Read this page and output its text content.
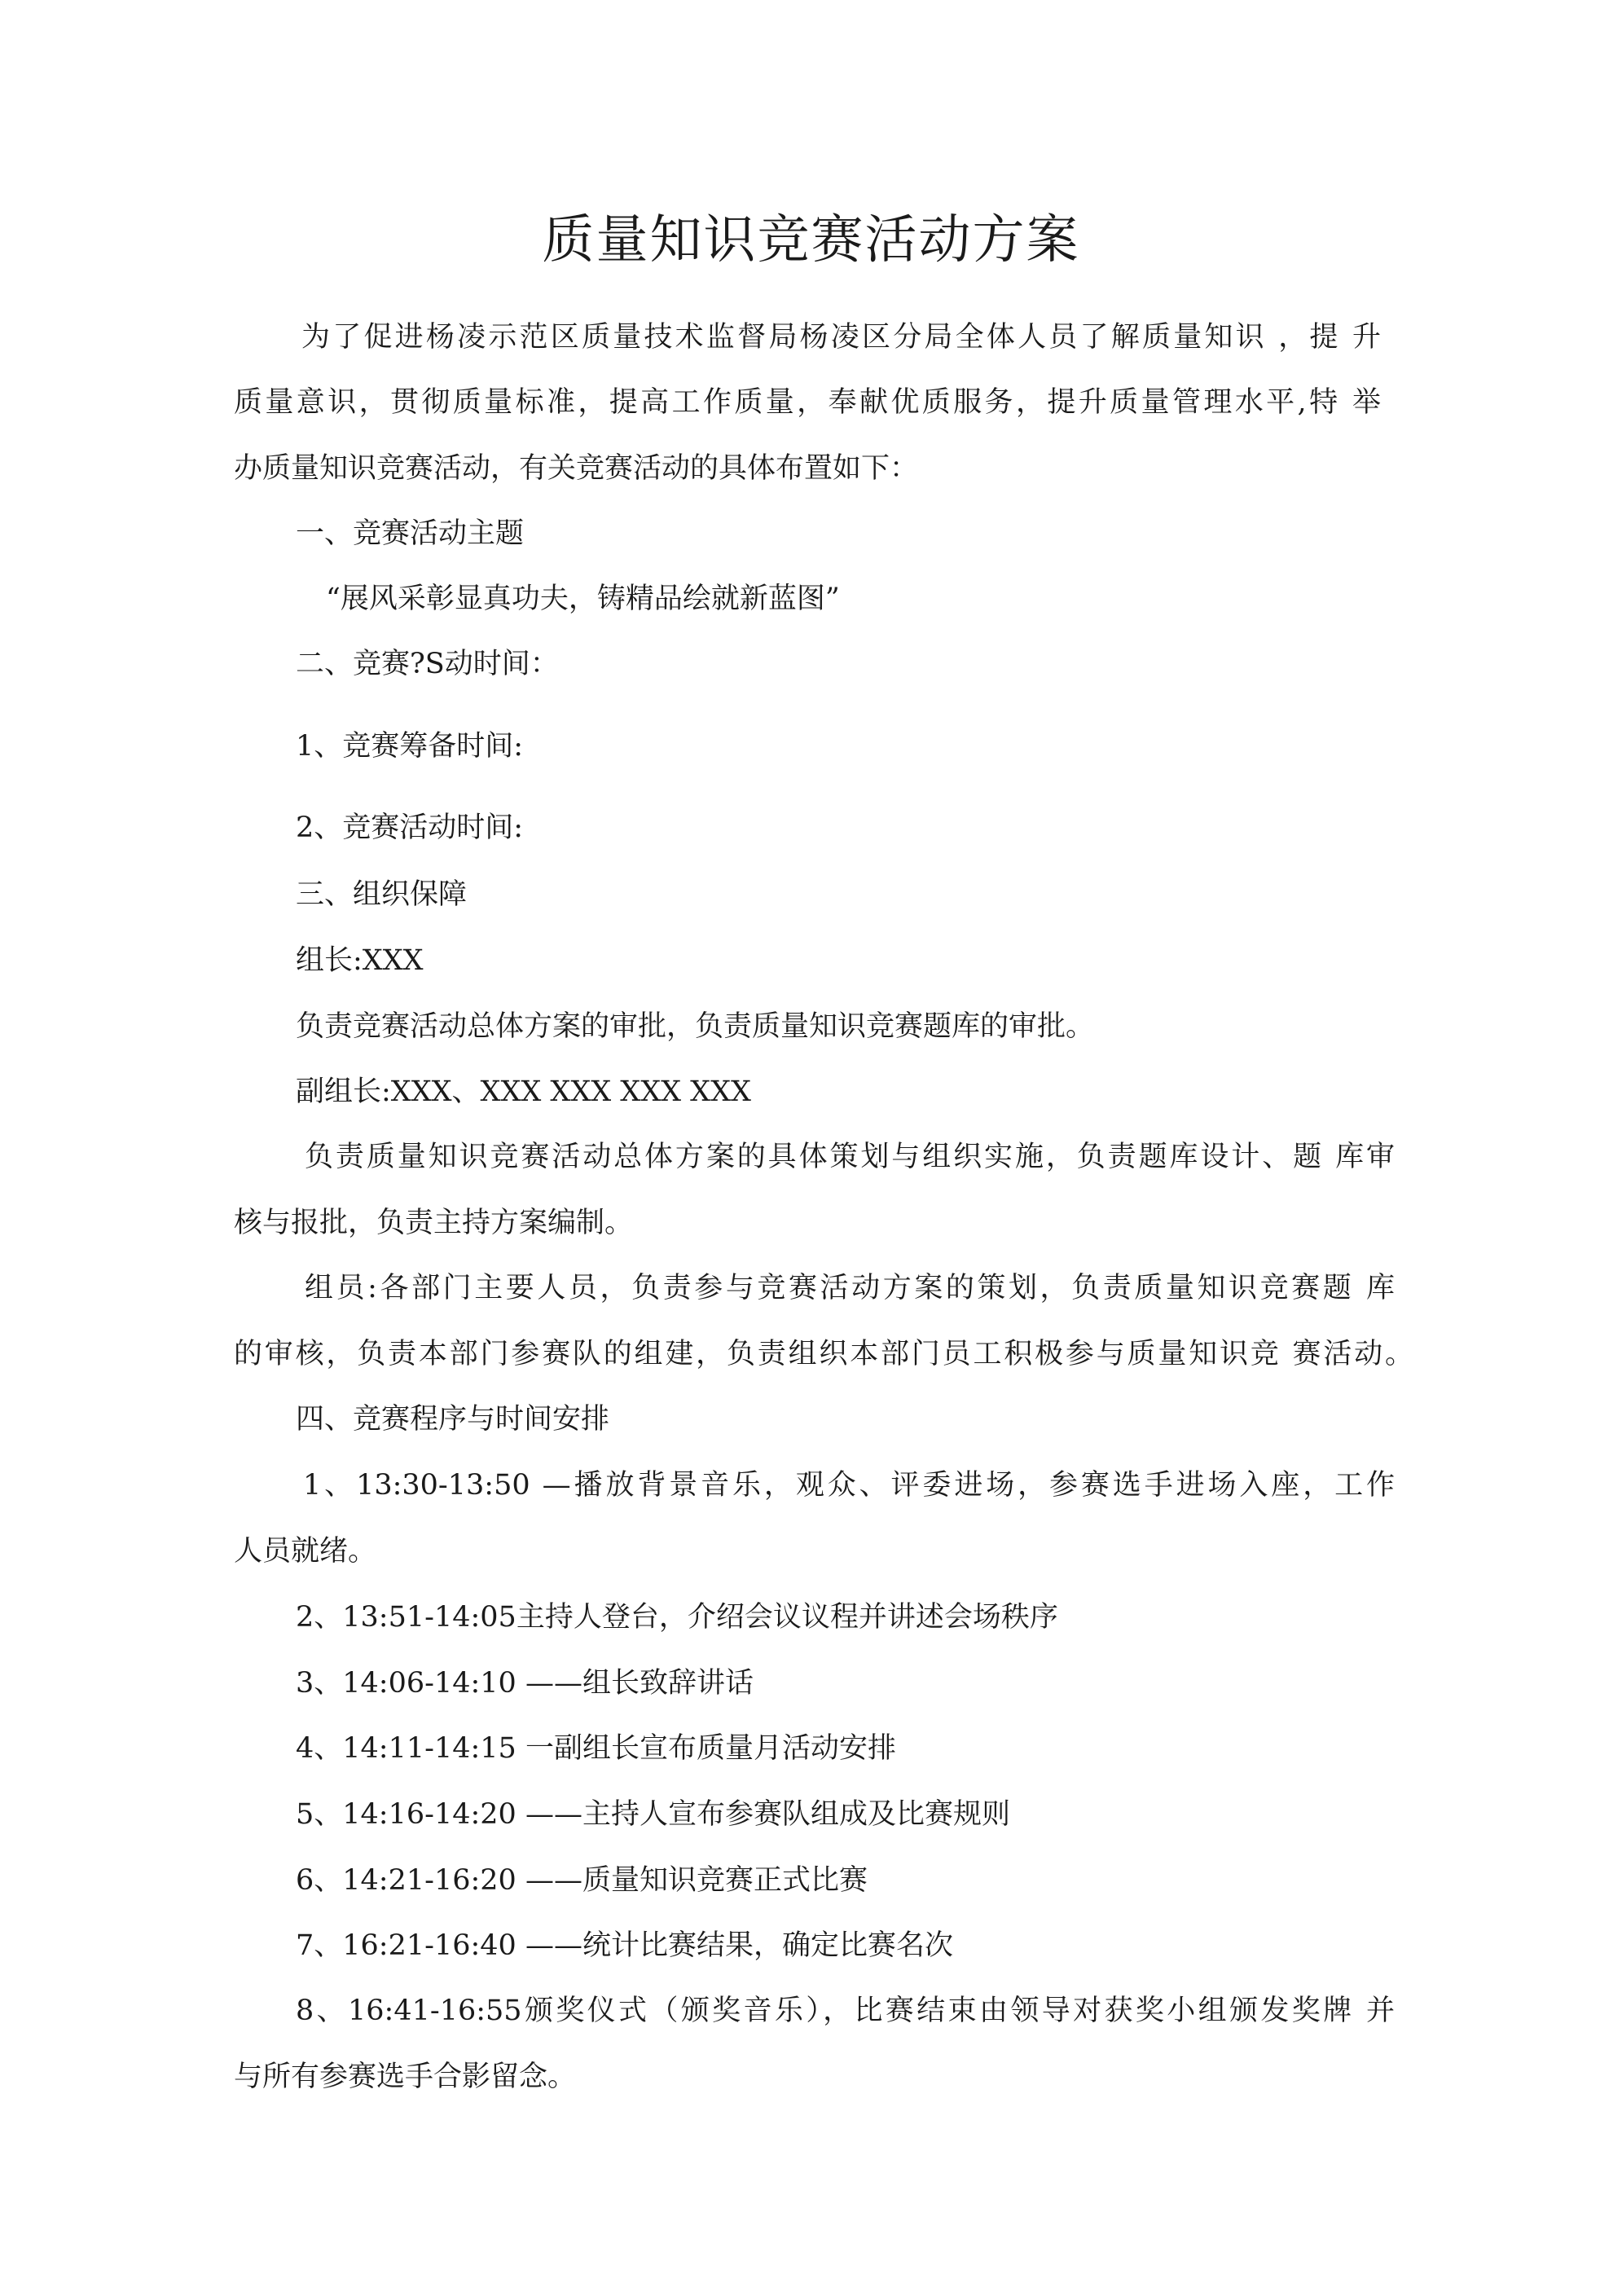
质量知识竞赛活动方案

为了促进杨凌示范区质量技术监督局杨凌区分局全体人员了解质量知识 ，提 升

质量意识，贯彻质量标准，提高工作质量，奉献优质服务，提升质量管理水平,特 举

办质量知识竞赛活动，有关竞赛活动的具体布置如下：

一、竞赛活动主题

“展风采彰显真功夫，铸精品绘就新蓝图”

二、竞赛?S动时间：

1、竞赛筹备时间:

2、竞赛活动时间:

三、组织保障

组长:XXX

负责竞赛活动总体方案的审批，负责质量知识竞赛题库的审批。

副组长:XXX、XXX XXX XXX XXX

负责质量知识竞赛活动总体方案的具体策划与组织实施，负责题库设计、题 库审

核与报批，负责主持方案编制。

组员:各部门主要人员，负责参与竞赛活动方案的策划，负责质量知识竞赛题 库

的审核，负责本部门参赛队的组建，负责组织本部门员工积极参与质量知识竞 赛活动。

四、竞赛程序与时间安排

1、13:30-13:50 —播放背景音乐，观众、评委进场，参赛选手进场入座，工作

人员就绪。

2、13:51-14:05主持人登台，介绍会议议程并讲述会场秩序

3、14:06-14:10 ——组长致辞讲话

4、14:11-14:15 一副组长宣布质量月活动安排

5、14:16-14:20 ——主持人宣布参赛队组成及比赛规则

6、14:21-16:20 ——质量知识竞赛正式比赛

7、16:21-16:40 ——统计比赛结果，确定比赛名次

8、16:41-16:55颁奖仪式（颁奖音乐），比赛结束由领导对获奖小组颁发奖牌 并

与所有参赛选手合影留念。
